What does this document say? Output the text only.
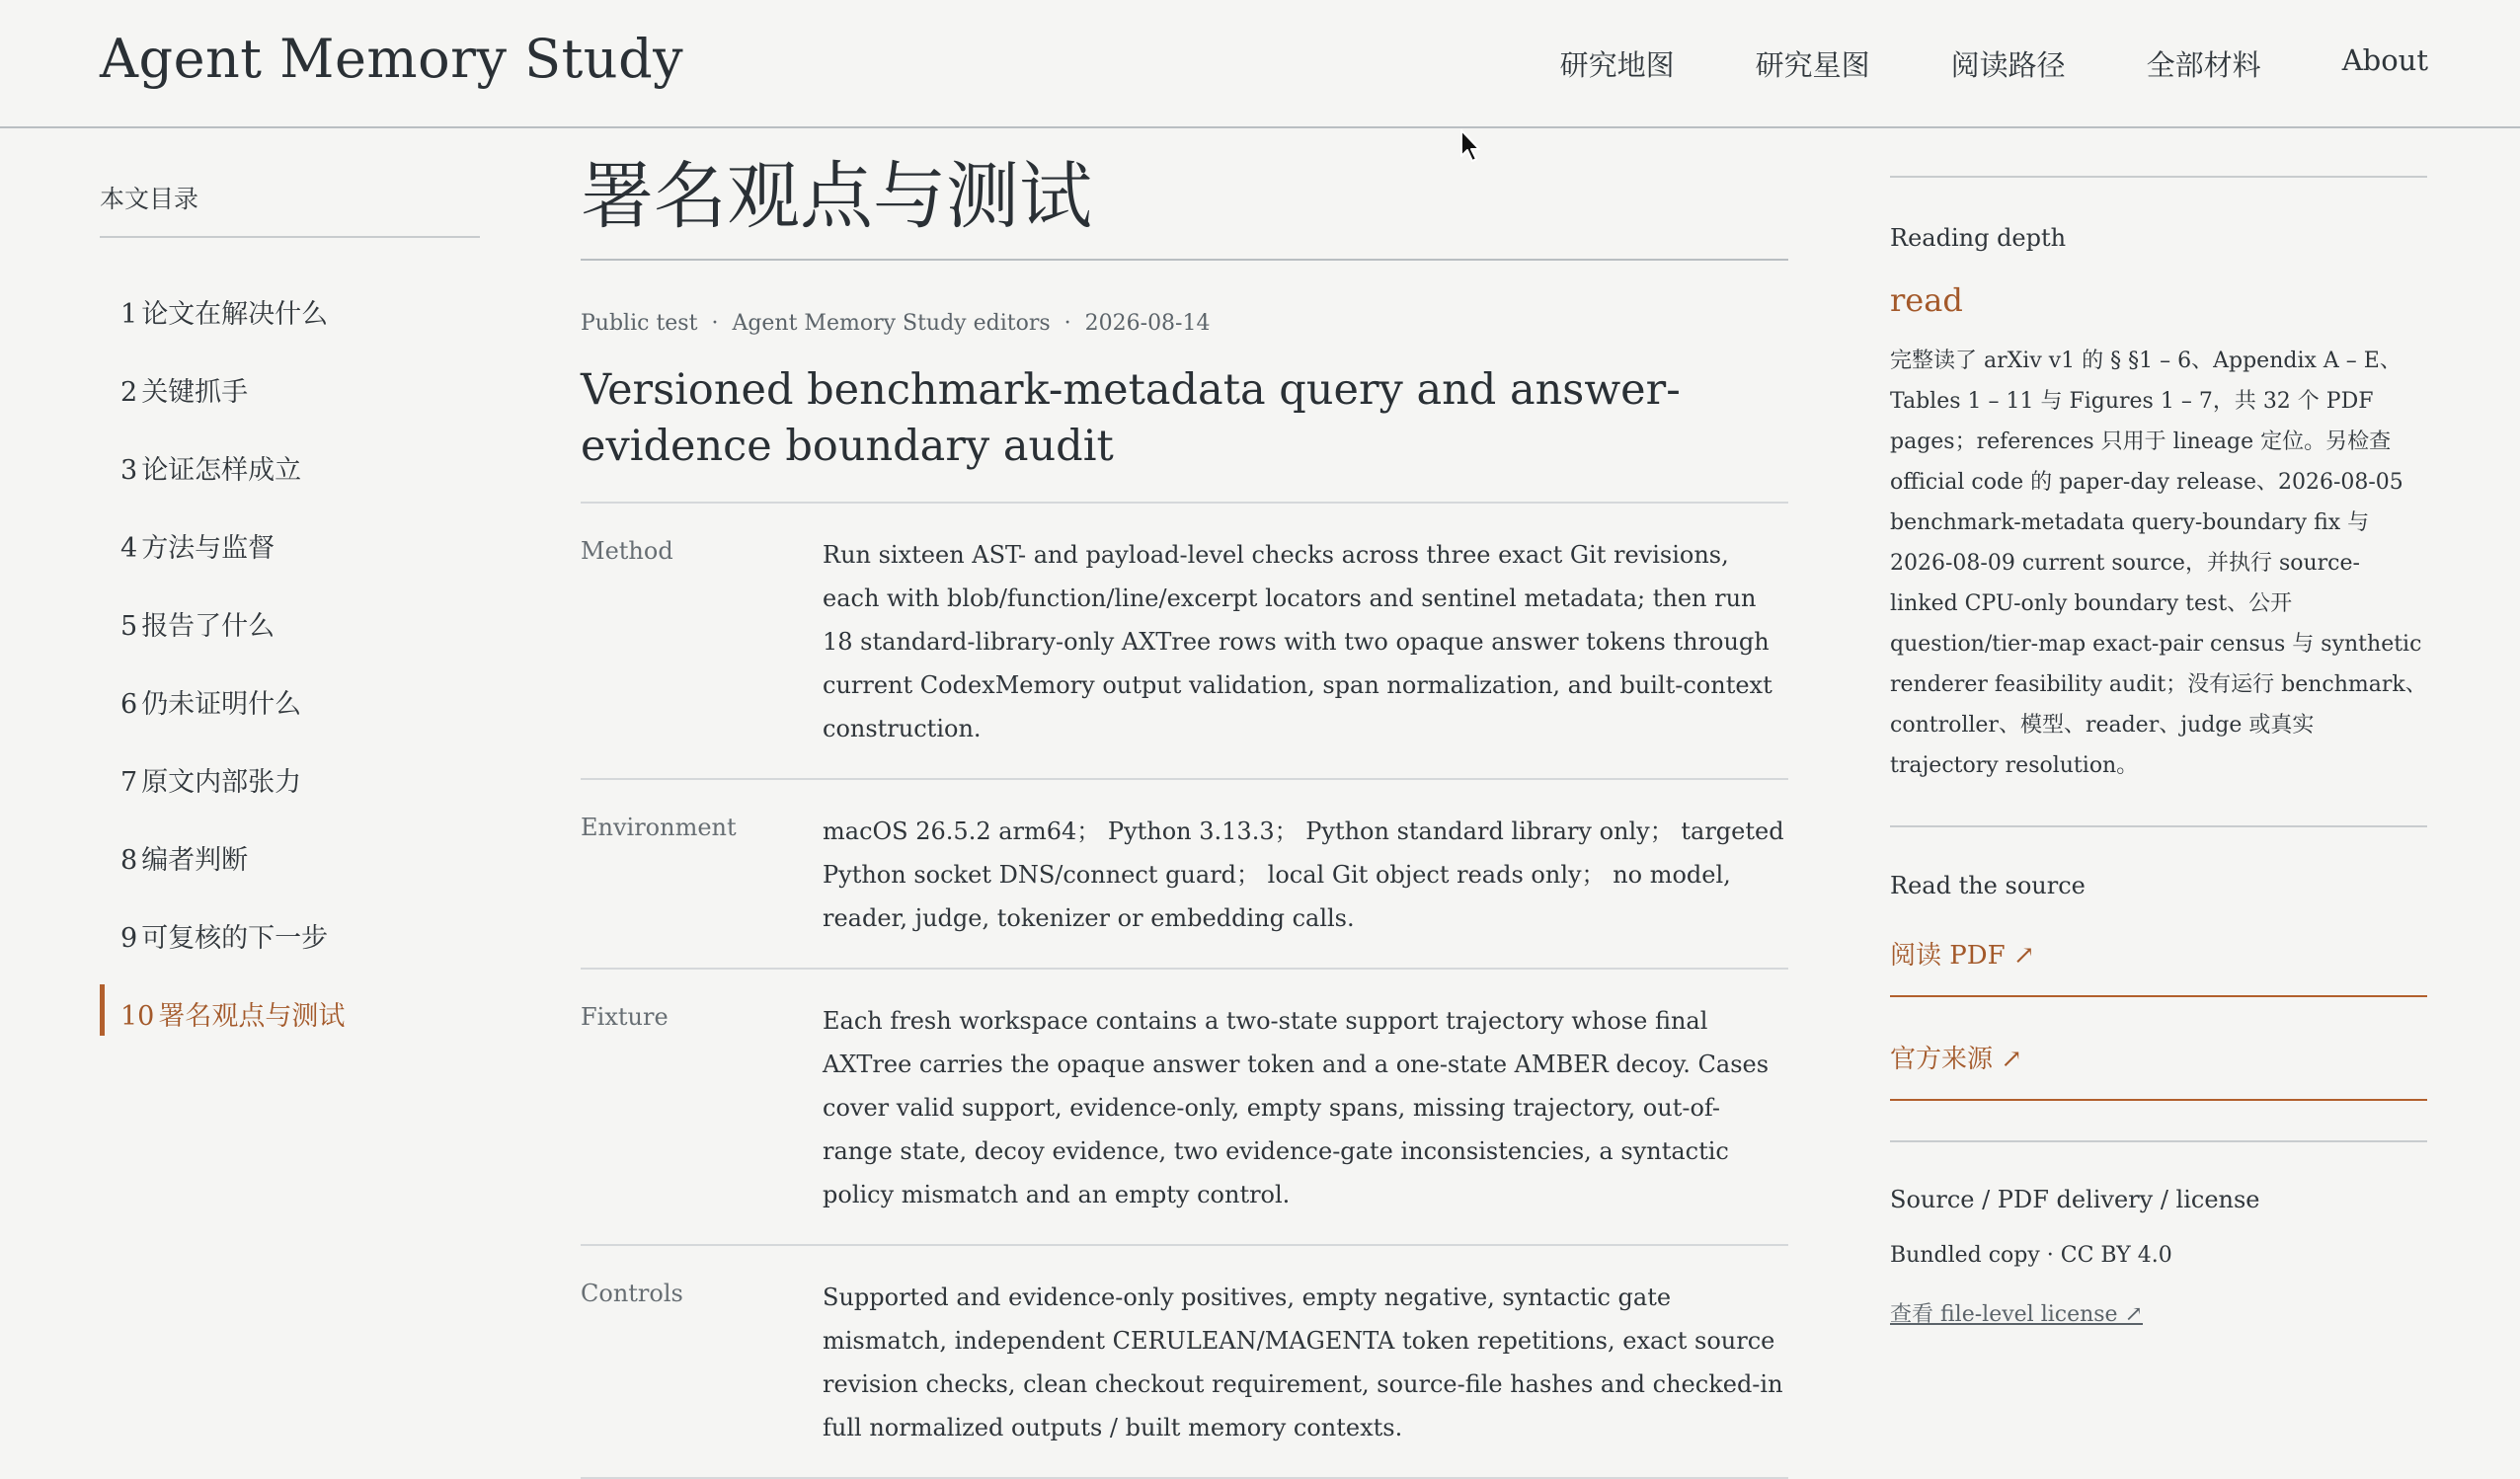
Agent Memory Study	研究地图	研究星图	阅读路径	全部材料	About
本文目录
1 论文在解决什么
2 关键抓手
3 论证怎样成立
4 方法与监督
5 报告了什么
6 仍未证明什么
7 原文内部张力
8 编者判断
9 可复核的下一步
10 署名观点与测试
署名观点与测试
Public test · Agent Memory Study editors · 2026-08-14
Versioned benchmark-metadata query and answer-evidence boundary audit
Method	Run sixteen AST- and payload-level checks across three exact Git revisions, each with blob/function/line/excerpt locators and sentinel metadata; then run 18 standard-library-only AXTree rows with two opaque answer tokens through current CodexMemory output validation, span normalization, and built-context construction.
Environment	macOS 26.5.2 arm64； Python 3.13.3； Python standard library only； targeted Python socket DNS/connect guard； local Git object reads only； no model, reader, judge, tokenizer or embedding calls.
Fixture	Each fresh workspace contains a two-state support trajectory whose final AXTree carries the opaque answer token and a one-state AMBER decoy. Cases cover valid support, evidence-only, empty spans, missing trajectory, out-of-range state, decoy evidence, two evidence-gate inconsistencies, a syntactic policy mismatch and an empty control.
Controls	Supported and evidence-only positives, empty negative, syntactic gate mismatch, independent CERULEAN/MAGENTA token repetitions, exact source revision checks, clean checkout requirement, source-file hashes and checked-in full normalized outputs / built memory contexts.
Reading depth
read
完整读了 arXiv v1 的 § §1 – 6、Appendix A – E、Tables 1 – 11 与 Figures 1 – 7，共 32 个 PDF pages；references 只用于 lineage 定位。另检查 official code 的 paper-day release、2026-08-05 benchmark-metadata query-boundary fix 与 2026-08-09 current source，并执行 source-linked CPU-only boundary test、公开 question/tier-map exact-pair census 与 synthetic renderer feasibility audit；没有运行 benchmark、controller、模型、reader、judge 或真实 trajectory resolution。
Read the source
阅读 PDF ↗
官方来源 ↗
Source / PDF delivery / license
Bundled copy · CC BY 4.0
查看 file-level license ↗
